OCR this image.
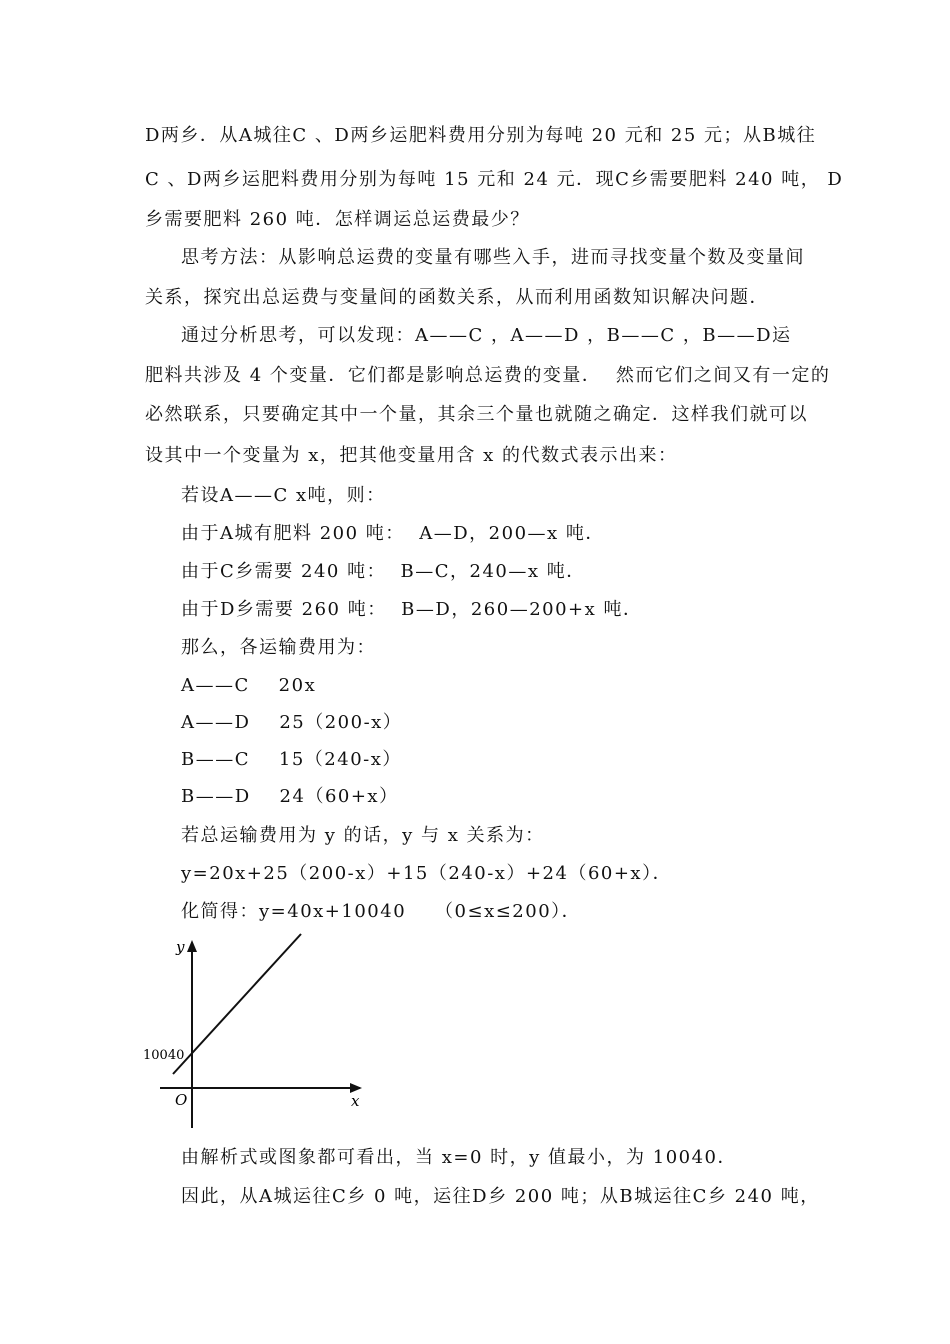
D两乡．从A城往C 、D两乡运肥料费用分别为每吨 20 元和 25 元；从B城往
C 、D两乡运肥料费用分别为每吨 15 元和 24 元．现C乡需要肥料 240 吨， D
乡需要肥料 260 吨．怎样调运总运费最少？
思考方法：从影响总运费的变量有哪些入手，进而寻找变量个数及变量间
关系，探究出总运费与变量间的函数关系，从而利用函数知识解决问题．
通过分析思考，可以发现：A——C ，A——D ，B——C ，B——D运
肥料共涉及 4 个变量．它们都是影响总运费的变量．  然而它们之间又有一定的
必然联系，只要确定其中一个量，其余三个量也就随之确定．这样我们就可以
设其中一个变量为 x，把其他变量用含 x 的代数式表示出来：
若设A——C x吨，则：
由于A城有肥料 200 吨：  A—D，200—x 吨．
由于C乡需要 240 吨：  B—C，240—x 吨．
由于D乡需要 260 吨：  B—D，260—200+x 吨．
那么，各运输费用为：
A——C    20x
A——D    25（200-x）
B——C    15（240-x）
B——D    24（60+x）
若总运输费用为 y 的话，y 与 x 关系为：
y=20x+25（200-x）+15（240-x）+24（60+x）．
化简得：y=40x+10040    （0≤x≤200）．
y
x
O
10040
由解析式或图象都可看出，当 x=0 时，y 值最小，为 10040．
因此，从A城运往C乡 0 吨，运往D乡 200 吨；从B城运往C乡 240 吨，
